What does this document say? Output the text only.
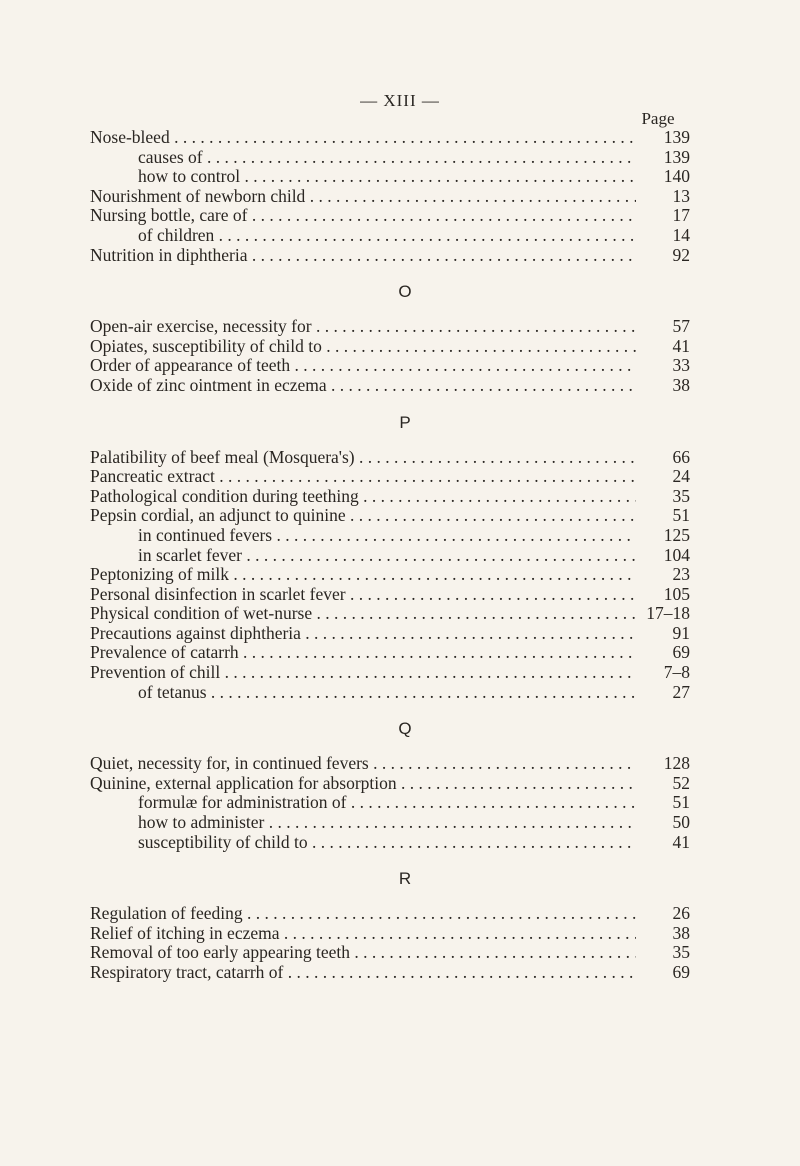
— XIII —
Page
Nose-bleed . . .	139
causes of . . .	139
how to control . . .	140
Nourishment of newborn child . . .	13
Nursing bottle, care of . . .	17
of children . . .	14
Nutrition in diphtheria . . .	92
O
Open-air exercise, necessity for . . .	57
Opiates, susceptibility of child to . . .	41
Order of appearance of teeth . . .	33
Oxide of zinc ointment in eczema . . .	38
P
Palatibility of beef meal (Mosquera's) . . .	66
Pancreatic extract . . .	24
Pathological condition during teething . . .	35
Pepsin cordial, an adjunct to quinine . . .	51
in continued fevers . . .	125
in scarlet fever . . .	104
Peptonizing of milk . . .	23
Personal disinfection in scarlet fever . . .	105
Physical condition of wet-nurse . . .	17–18
Precautions against diphtheria . . .	91
Prevalence of catarrh . . .	69
Prevention of chill . . .	7–8
of tetanus . . .	27
Q
Quiet, necessity for, in continued fevers . . .	128
Quinine, external application for absorption . . .	52
formulæ for administration of . . .	51
how to administer . . .	50
susceptibility of child to . . .	41
R
Regulation of feeding . . .	26
Relief of itching in eczema . . .	38
Removal of too early appearing teeth . . .	35
Respiratory tract, catarrh of . . .	69
